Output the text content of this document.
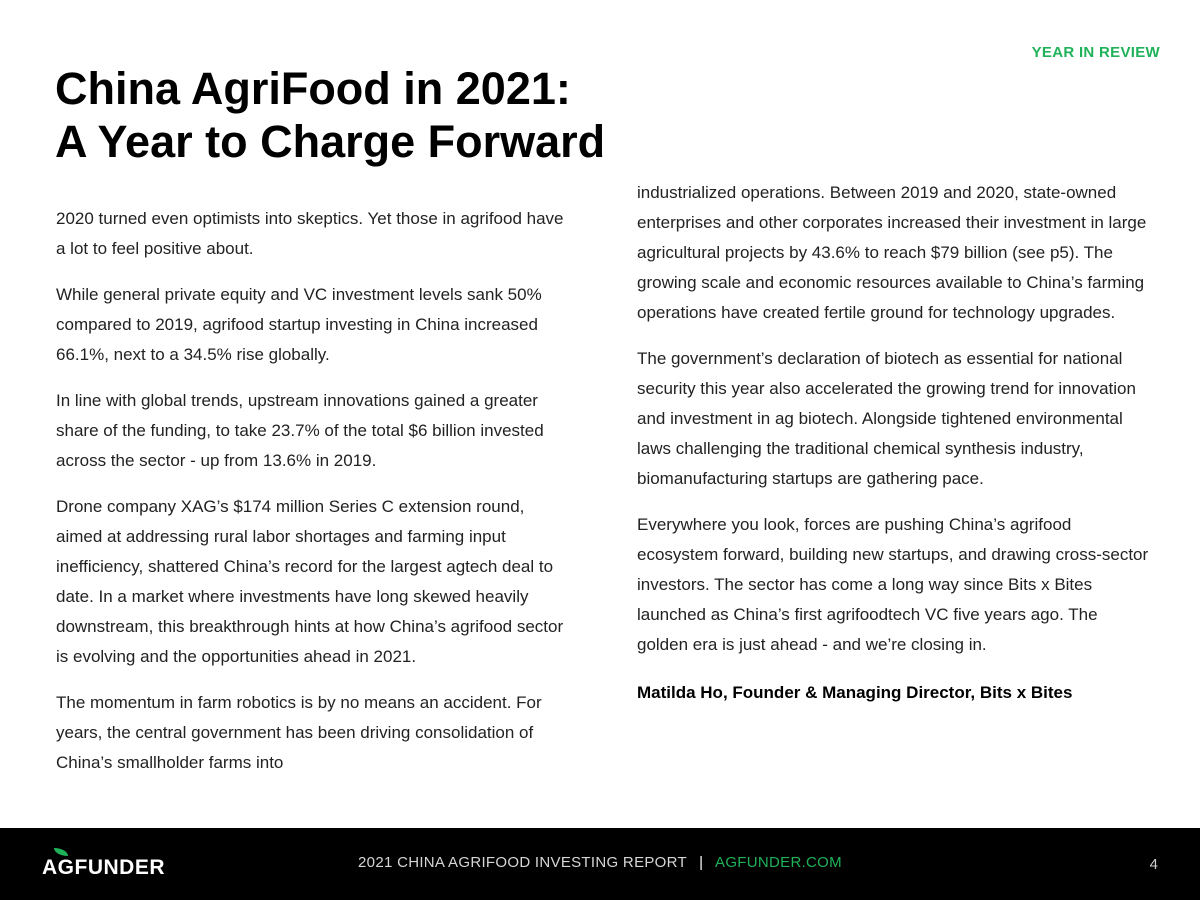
YEAR IN REVIEW
China AgriFood in 2021:
A Year to Charge Forward

2020 turned even optimists into skeptics. Yet those in agrifood have a lot to feel positive about.

While general private equity and VC investment levels sank 50% compared to 2019, agrifood startup investing in China increased 66.1%, next to a 34.5% rise globally.

In line with global trends, upstream innovations gained a greater share of the funding, to take 23.7% of the total $6 billion invested across the sector - up from 13.6% in 2019.

Drone company XAG’s $174 million Series C extension round, aimed at addressing rural labor shortages and farming input inefficiency, shattered China’s record for the largest agtech deal to date. In a market where investments have long skewed heavily downstream, this breakthrough hints at how China’s agrifood sector is evolving and the opportunities ahead in 2021.

The momentum in farm robotics is by no means an accident. For years, the central government has been driving consolidation of China’s smallholder farms into

industrialized operations. Between 2019 and 2020, state-owned enterprises and other corporates increased their investment in large agricultural projects by 43.6% to reach $79 billion (see p5). The growing scale and economic resources available to China’s farming operations have created fertile ground for technology upgrades.

The government’s declaration of biotech as essential for national security this year also accelerated the growing trend for innovation and investment in ag biotech. Alongside tightened environmental laws challenging the traditional chemical synthesis industry, biomanufacturing startups are gathering pace.

Everywhere you look, forces are pushing China’s agrifood ecosystem forward, building new startups, and drawing cross-sector investors. The sector has come a long way since Bits x Bites launched as China’s first agrifoodtech VC five years ago. The golden era is just ahead - and we’re closing in.

Matilda Ho, Founder & Managing Director, Bits x Bites

AG FUNDER	2021 CHINA AGRIFOOD INVESTING REPORT | AGFUNDER.COM	4
